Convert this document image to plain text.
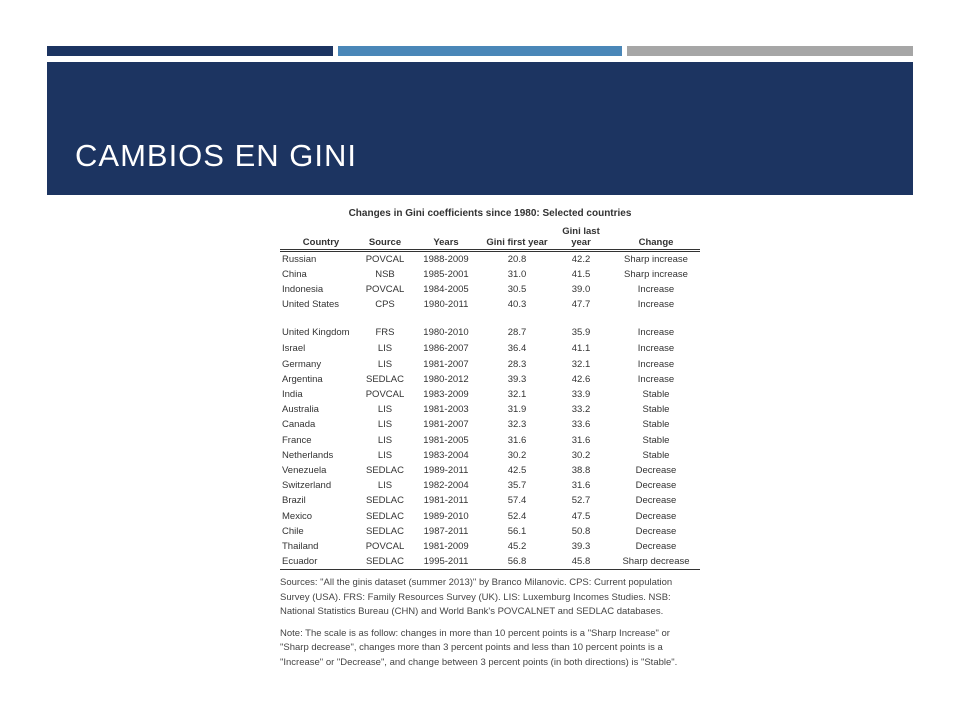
CAMBIOS EN GINI
Changes in Gini coefficients since 1980: Selected countries
Country	Source	Years	Gini first year	Gini last year	Change
Russian	POVCAL	1988-2009	20.8	42.2	Sharp increase
China	NSB	1985-2001	31.0	41.5	Sharp increase
Indonesia	POVCAL	1984-2005	30.5	39.0	Increase
United States	CPS	1980-2011	40.3	47.7	Increase
United Kingdom	FRS	1980-2010	28.7	35.9	Increase
Israel	LIS	1986-2007	36.4	41.1	Increase
Germany	LIS	1981-2007	28.3	32.1	Increase
Argentina	SEDLAC	1980-2012	39.3	42.6	Increase
India	POVCAL	1983-2009	32.1	33.9	Stable
Australia	LIS	1981-2003	31.9	33.2	Stable
Canada	LIS	1981-2007	32.3	33.6	Stable
France	LIS	1981-2005	31.6	31.6	Stable
Netherlands	LIS	1983-2004	30.2	30.2	Stable
Venezuela	SEDLAC	1989-2011	42.5	38.8	Decrease
Switzerland	LIS	1982-2004	35.7	31.6	Decrease
Brazil	SEDLAC	1981-2011	57.4	52.7	Decrease
Mexico	SEDLAC	1989-2010	52.4	47.5	Decrease
Chile	SEDLAC	1987-2011	56.1	50.8	Decrease
Thailand	POVCAL	1981-2009	45.2	39.3	Decrease
Ecuador	SEDLAC	1995-2011	56.8	45.8	Sharp decrease
Sources: "All the ginis dataset (summer 2013)" by Branco Milanovic. CPS: Current population Survey (USA). FRS: Family Resources Survey (UK). LIS: Luxemburg Incomes Studies. NSB: National Statistics Bureau (CHN) and World Bank's POVCALNET and SEDLAC databases.
Note: The scale is as follow: changes in more than 10 percent points is a "Sharp Increase" or "Sharp decrease", changes more than 3 percent points and less than 10 percent points is a "Increase" or "Decrease", and change between 3 percent points (in both directions) is "Stable".
